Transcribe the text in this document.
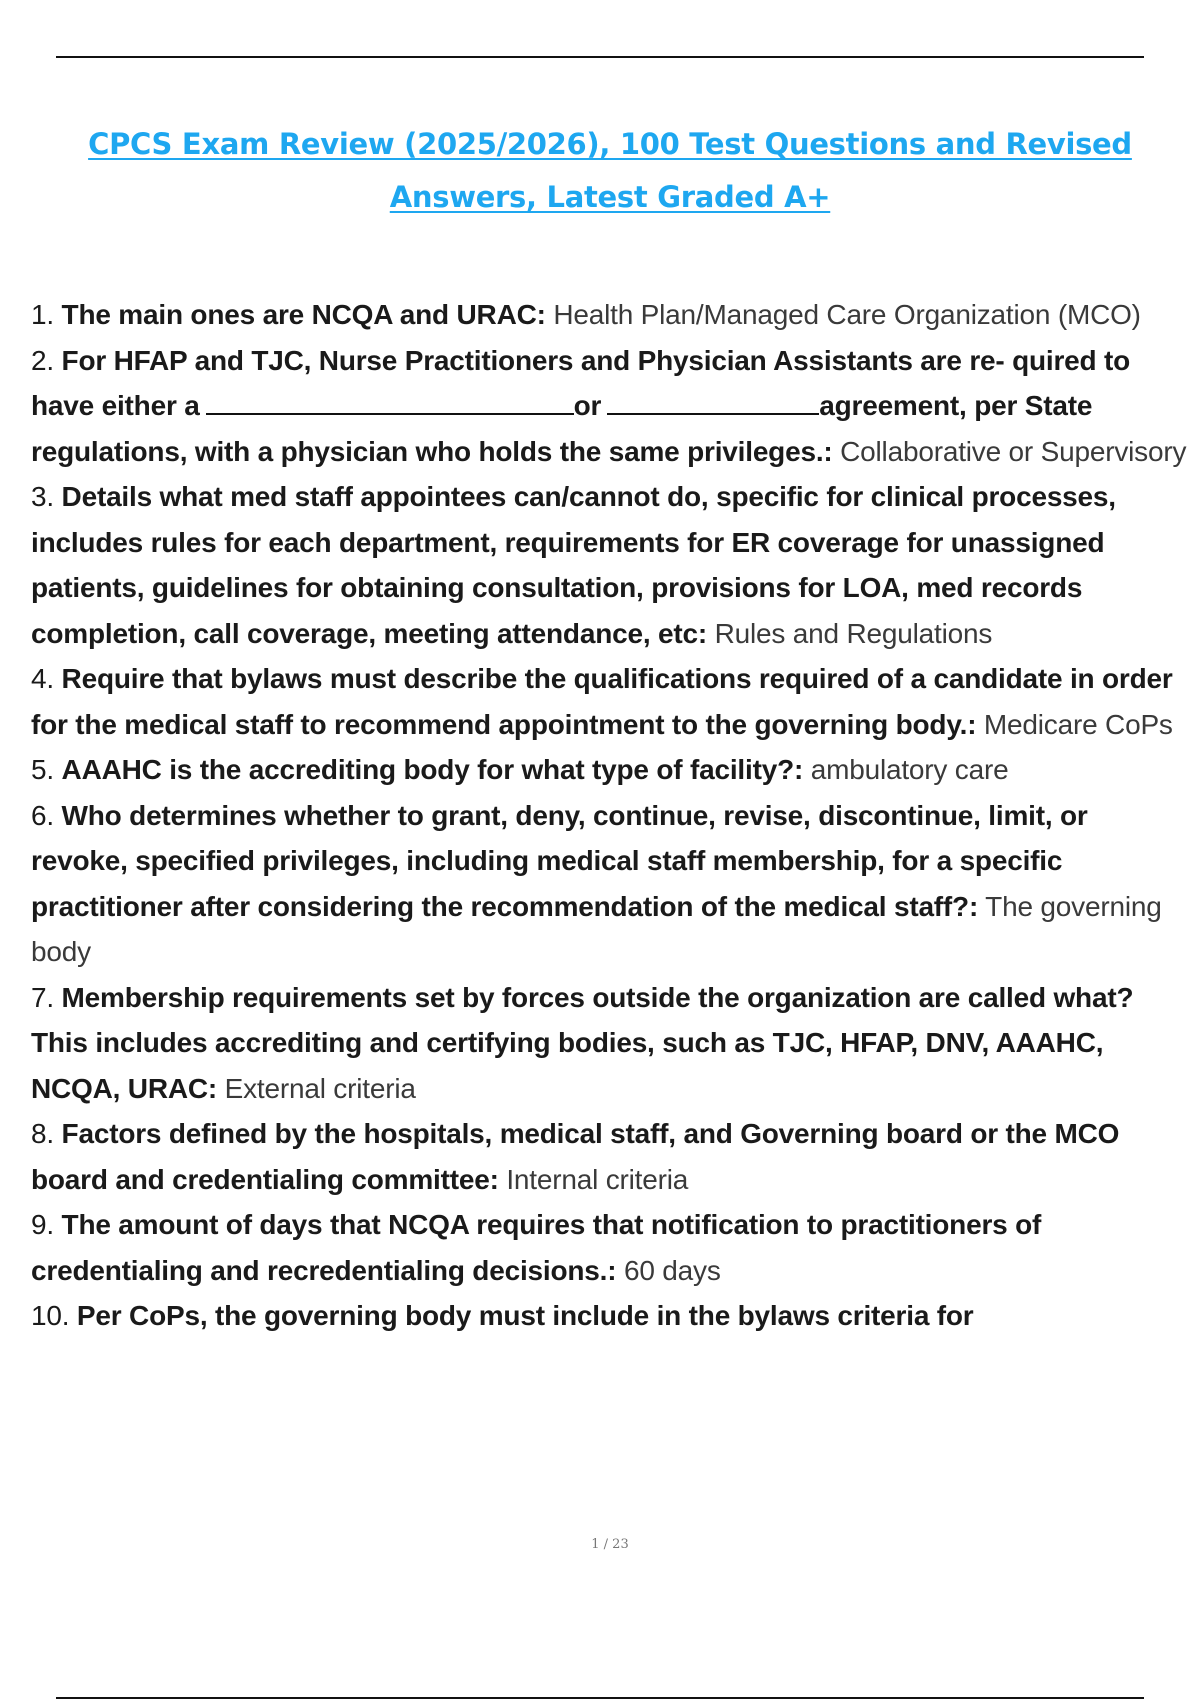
CPCS Exam Review (2025/2026), 100 Test Questions and Revised
Answers, Latest Graded A+

1. The main ones are NCQA and URAC: Health Plan/Managed Care Organization (MCO)

2. For HFAP and TJC, Nurse Practitioners and Physician Assistants are re- quired to have either a	or	agreement, per State regulations, with a physician who holds the same privileges.: Collaborative or Supervisory

3. Details what med staff appointees can/cannot do, specific for clinical processes, includes rules for each department, requirements for ER coverage for unassigned patients, guidelines for obtaining consultation, provisions for LOA, med records completion, call coverage, meeting attendance, etc: Rules and Regulations

4. Require that bylaws must describe the qualifications required of a candidate in order for the medical staff to recommend appointment to the governing body.: Medicare CoPs

5. AAAHC is the accrediting body for what type of facility?: ambulatory care

6. Who determines whether to grant, deny, continue, revise, discontinue, limit, or revoke, specified privileges, including medical staff membership, for a specific practitioner after considering the recommendation of the medical staff?: The governing body

7. Membership requirements set by forces outside the organization are called what? This includes accrediting and certifying bodies, such as TJC, HFAP, DNV, AAAHC, NCQA, URAC: External criteria

8. Factors defined by the hospitals, medical staff, and Governing board or the MCO board and credentialing committee: Internal criteria

9. The amount of days that NCQA requires that notification to practitioners of credentialing and recredentialing decisions.: 60 days

10. Per CoPs, the governing body must include in the bylaws criteria for

1 / 23
